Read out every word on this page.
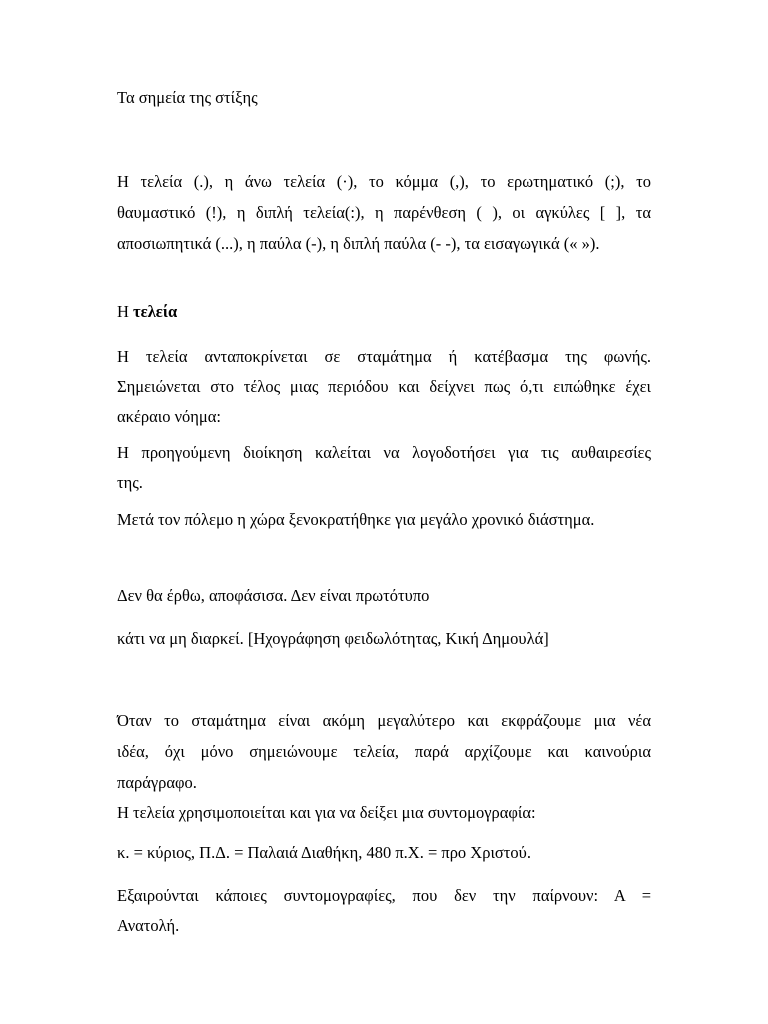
Τα σημεία της στίξης
Η τελεία (.), η άνω τελεία (·), το κόμμα (,), το ερωτηματικό (;), το
θαυμαστικό (!), η διπλή τελεία(:), η παρένθεση ( ), οι αγκύλες [ ], τα
αποσιωπητικά (...), η παύλα (-), η διπλή παύλα (- -), τα εισαγωγικά (« »).
Η τελεία
Η τελεία ανταποκρίνεται σε σταμάτημα ή κατέβασμα της φωνής.
Σημειώνεται στο τέλος μιας περιόδου και δείχνει πως ό,τι ειπώθηκε έχει
ακέραιο νόημα:
Η προηγούμενη διοίκηση καλείται να λογοδοτήσει για τις αυθαιρεσίες
της.
Μετά τον πόλεμο η χώρα ξενοκρατήθηκε για μεγάλο χρονικό διάστημα.
Δεν θα έρθω, αποφάσισα. Δεν είναι πρωτότυπο
κάτι να μη διαρκεί. [Ηχογράφηση φειδωλότητας, Κική Δημουλά]
Όταν το σταμάτημα είναι ακόμη μεγαλύτερο και εκφράζουμε μια νέα
ιδέα, όχι μόνο σημειώνουμε τελεία, παρά αρχίζουμε και καινούρια
παράγραφο.
Η τελεία χρησιμοποιείται και για να δείξει μια συντομογραφία:
κ. = κύριος, Π.Δ. = Παλαιά Διαθήκη, 480 π.Χ. = προ Χριστού.
Εξαιρούνται κάποιες συντομογραφίες, που δεν την παίρνουν: Α =
Ανατολή.
